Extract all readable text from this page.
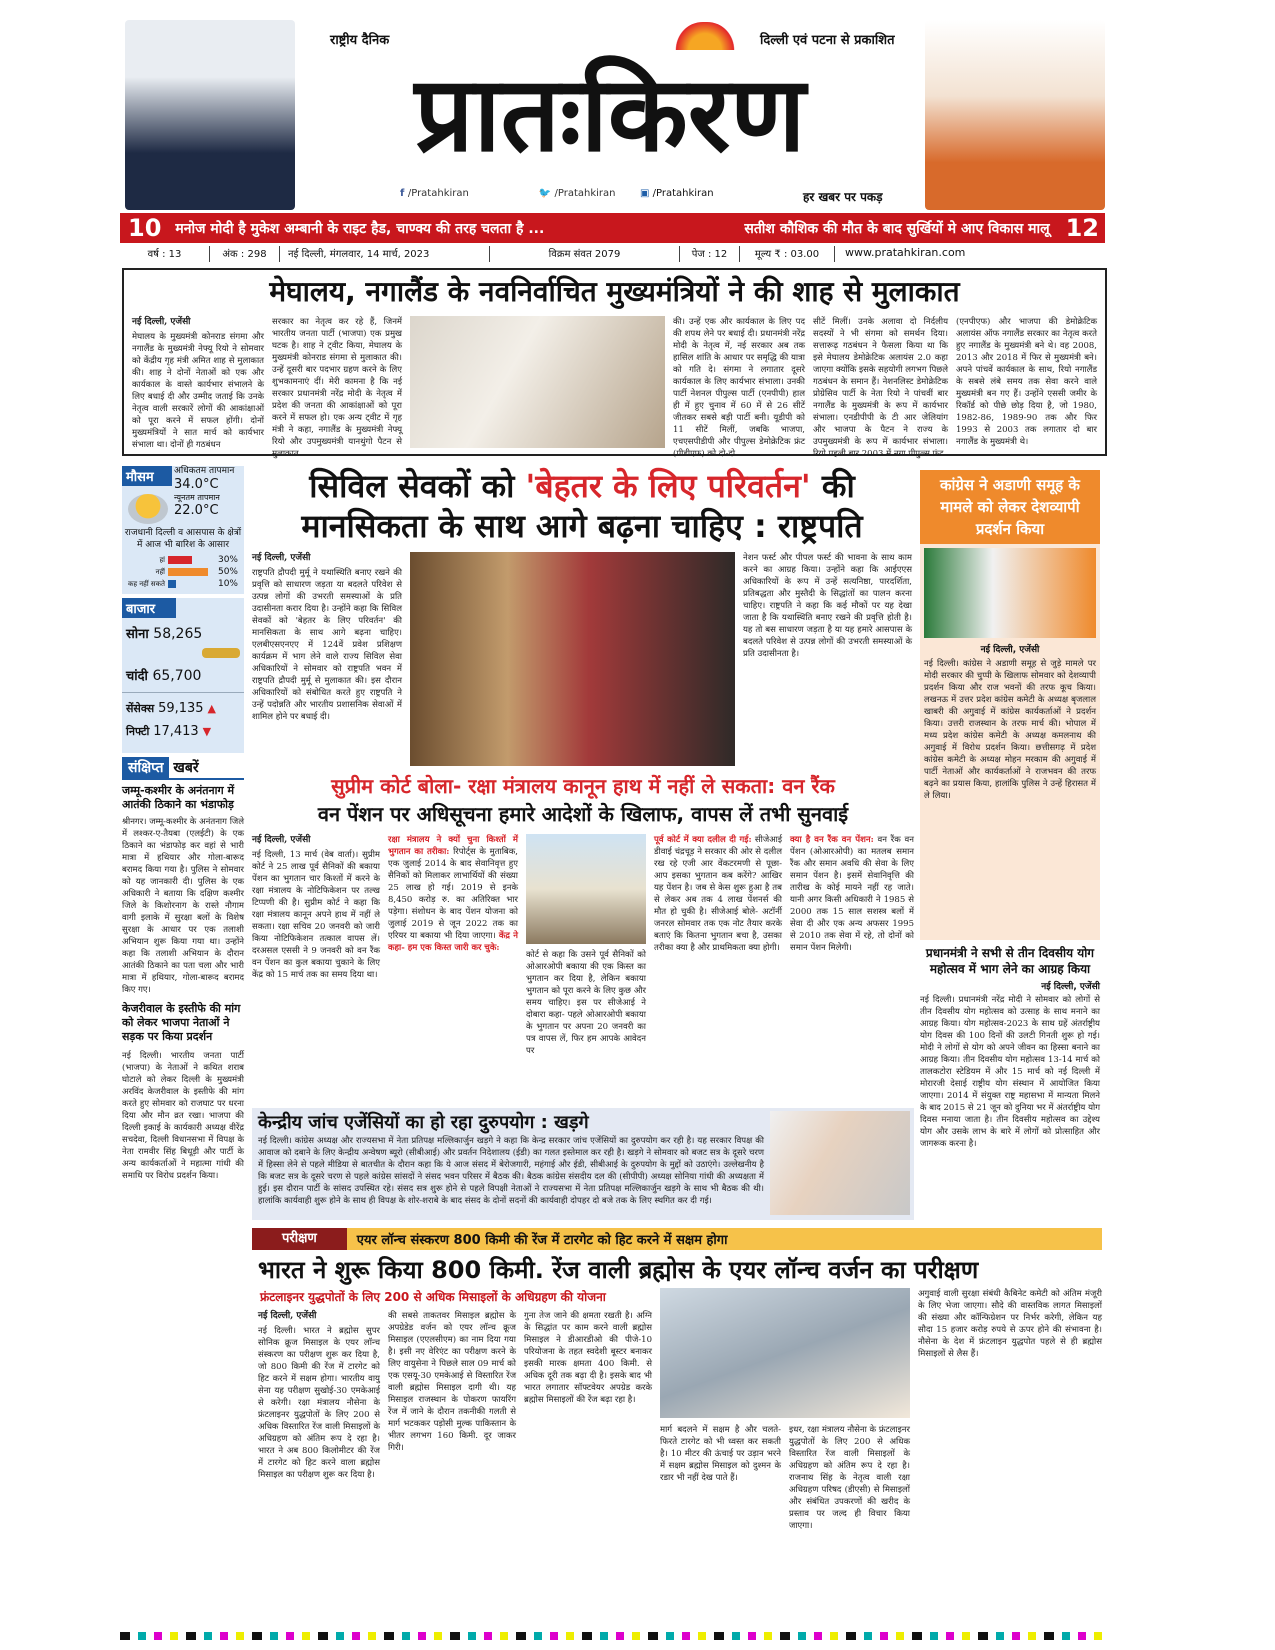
राष्ट्रीय दैनिक	दिल्ली एवं पटना से प्रकाशित
प्रातःकिरण
f /Pratahkiran	🐦 /Pratahkiran ▣ /Pratahkiran	हर खबर पर पकड़
10 मनोज मोदी है मुकेश अम्बानी के राइट हैड, चाण्क्य की तरह चलता है ...	सतीश कौशिक की मौत के बाद सुर्खियों मे आए विकास मालू 12
वर्ष : 13	अंक : 298	नई दिल्ली, मंगलवार, 14 मार्च, 2023	विक्रम संवत 2079	पेज : 12	मूल्य ₹ : 03.00	www.pratahkiran.com
मेघालय, नगालैंड के नवनिर्वाचित मुख्यमंत्रियों ने की शाह से मुलाकात
नई दिल्ली, एजेंसी
मेघालय के मुख्यमंत्री कोनराड संगमा और नगालैंड के मुख्यमंत्री नेफ्यू रियो ने सोमवार को केंद्रीय गृह मंत्री अमित शाह से मुलाकात की। शाह ने दोनों नेताओं को एक और कार्यकाल के वास्ते कार्यभार संभालने के लिए बधाई दी और उम्मीद जताई कि उनके नेतृत्व वाली सरकारें लोगों की आकांक्षाओं को पूरा करने में सफल होंगी। दोनों मुख्यमंत्रियों ने सात मार्च को कार्यभार संभाला था। दोनों ही गठबंधन
सरकार का नेतृत्व कर रहे हैं, जिनमें भारतीय जनता पार्टी (भाजपा) एक प्रमुख घटक है। शाह ने ट्वीट किया, मेघालय के मुख्यमंत्री कोनराड संगमा से मुलाकात की। उन्हें दूसरी बार पदभार ग्रहण करने के लिए शुभकामनाएं दीं। मेरी कामना है कि नई सरकार प्रधानमंत्री नरेंद्र मोदी के नेतृत्व में प्रदेश की जनता की आकांक्षाओं को पूरा करने में सफल हो। एक अन्य ट्वीट में गृह मंत्री ने कहा, नगालैंड के मुख्यमंत्री नेफ्यू रियो और उपमुख्यमंत्री यानथुंगो पैटन से मुलाकात
की। उन्हें एक और कार्यकाल के लिए पद की शपथ लेने पर बधाई दी। प्रधानमंत्री नरेंद्र मोदी के नेतृत्व में, नई सरकार अब तक हासिल शांति के आधार पर समृद्धि की यात्रा को गति दे। संगमा ने लगातार दूसरे कार्यकाल के लिए कार्यभार संभाला। उनकी पार्टी नेशनल पीपुल्स पार्टी (एनपीपी) हाल ही में हुए चुनाव में 60 में से 26 सीटें जीतकर सबसे बड़ी पार्टी बनी। यूडीपी को 11 सीटें मिलीं, जबकि भाजपा, एचएसपीडीपी और पीपुल्स डेमोक्रेटिक फ्रंट (पीडीएफ) को दो-दो
सीटें मिलीं। उनके अलावा दो निर्दलीय सदस्यों ने भी संगमा को समर्थन दिया। सत्तारूढ़ गठबंधन ने फैसला किया था कि इसे मेघालय डेमोक्रेटिक अलायंस 2.0 कहा जाएगा क्योंकि इसके सहयोगी लगभग पिछले गठबंधन के समान हैं। नेशनलिस्ट डेमोक्रेटिक प्रोग्रेसिव पार्टी के नेता रियो ने पांचवीं बार नगालैंड के मुख्यमंत्री के रूप में कार्यभार संभाला। एनडीपीपी के टी आर जेलियांग और भाजपा के पैटन ने राज्य के उपमुख्यमंत्री के रूप में कार्यभार संभाला। रियो पहली बार 2003 में नगा पीपुल्स फ्रंट
(एनपीएफ) और भाजपा की डेमोक्रेटिक अलायंस ऑफ नगालैंड सरकार का नेतृत्व करते हुए नगालैंड के मुख्यमंत्री बने थे। वह 2008, 2013 और 2018 में फिर से मुख्यमंत्री बने। अपने पांचवें कार्यकाल के साथ, रियो नगालैंड के सबसे लंबे समय तक सेवा करने वाले मुख्यमंत्री बन गए हैं। उन्होंने एससी जमीर के रिकॉर्ड को पीछे छोड़ दिया है, जो 1980, 1982-86, 1989-90 तक और फिर 1993 से 2003 तक लगातार दो बार नगालैंड के मुख्यमंत्री थे।
मौसम	अधिकतम तापमान
34.0°C
न्यूनतम तापमान
22.0°C
राजधानी दिल्ली व आसपास के क्षेत्रों में आज भी बारिश के आसार
हां	30%
नहीं	50%
कह नहीं सकते	10%
बाजार
सोना 58,265
चांदी 65,700
सेंसेक्स 59,135 ▲
निफ्टी 17,413 ▼
संक्षिप्त खबरें
जम्मू-कश्मीर के अनंतनाग में आतंकी ठिकाने का भंडाफोड़
श्रीनगर। जम्मू-कश्मीर के अनंतनाग जिले में लश्कर-ए-तैयबा (एलईटी) के एक ठिकाने का भंडाफोड़ कर वहां से भारी मात्रा में हथियार और गोला-बारूद बरामद किया गया है। पुलिस ने सोमवार को यह जानकारी दी। पुलिस के एक अधिकारी ने बताया कि दक्षिण कश्मीर जिले के किशोरनाग के रास्ते नौगाम वागी इलाके में सुरक्षा बलों के विशेष सुरक्षा के आधार पर एक तलाशी अभियान शुरू किया गया था। उन्होंने कहा कि तलाशी अभियान के दौरान आतंकी ठिकाने का पता चला और भारी मात्रा में हथियार, गोला-बारूद बरामद किए गए।
केजरीवाल के इस्तीफे की मांग को लेकर भाजपा नेताओं ने सड़क पर किया प्रदर्शन
नई दिल्ली। भारतीय जनता पार्टी (भाजपा) के नेताओं ने कथित शराब घोटाले को लेकर दिल्ली के मुख्यमंत्री अरविंद केजरीवाल के इस्तीफे की मांग करते हुए सोमवार को राजघाट पर धरना दिया और मौन व्रत रखा। भाजपा की दिल्ली इकाई के कार्यकारी अध्यक्ष वीरेंद्र सचदेवा, दिल्ली विधानसभा में विपक्ष के नेता रामवीर सिंह बिधूड़ी और पार्टी के अन्य कार्यकर्ताओं ने महात्मा गांधी की समाधि पर विरोध प्रदर्शन किया।
सिविल सेवकों को 'बेहतर के लिए परिवर्तन' की मानसिकता के साथ आगे बढ़ना चाहिए : राष्ट्रपति
नई दिल्ली, एजेंसी
राष्ट्रपति द्रौपदी मुर्मू ने यथास्थिति बनाए रखने की प्रवृत्ति को साधारण जड़ता या बदलते परिवेश से उत्पन्न लोगों की उभरती समस्याओं के प्रति उदासीनता करार दिया है। उन्होंने कहा कि सिविल सेवकों को 'बेहतर के लिए परिवर्तन' की मानसिकता के साथ आगे बढ़ना चाहिए। एलबीएसएनएए में 124वें प्रवेश प्रशिक्षण कार्यक्रम में भाग लेने वाले राज्य सिविल सेवा अधिकारियों ने सोमवार को राष्ट्रपति भवन में राष्ट्रपति द्रौपदी मुर्मू से मुलाकात की। इस दौरान अधिकारियों को संबोधित करते हुए राष्ट्रपति ने उन्हें पदोन्नति और भारतीय प्रशासनिक सेवाओं में शामिल होने पर बधाई दी।
नेशन फर्स्ट और पीपल फर्स्ट की भावना के साथ काम करने का आग्रह किया। उन्होंने कहा कि आईएएस अधिकारियों के रूप में उन्हें सत्यनिष्ठा, पारदर्शिता, प्रतिबद्धता और मुस्तैदी के सिद्धांतों का पालन करना चाहिए। राष्ट्रपति ने कहा कि कई मौकों पर यह देखा जाता है कि यथास्थिति बनाए रखने की प्रवृत्ति होती है। यह तो बस साधारण जड़ता है या यह हमारे आसपास के बदलते परिवेश से उत्पन्न लोगों की उभरती समस्याओं के प्रति उदासीनता है।
कांग्रेस ने अडाणी समूह के मामले को लेकर देशव्यापी प्रदर्शन किया
नई दिल्ली, एजेंसी
नई दिल्ली। कांग्रेस ने अडाणी समूह से जुड़े मामले पर मोदी सरकार की चुप्पी के खिलाफ सोमवार को देशव्यापी प्रदर्शन किया और राज भवनों की तरफ कूच किया। लखनऊ में उत्तर प्रदेश कांग्रेस कमेटी के अध्यक्ष बृजलाल खाबरी की अगुवाई में कांग्रेस कार्यकर्ताओं ने प्रदर्शन किया। उत्तरी राजस्थान के तरफ मार्च की। भोपाल में मध्य प्रदेश कांग्रेस कमेटी के अध्यक्ष कमलनाथ की अगुवाई में विरोध प्रदर्शन किया। छत्तीसगढ़ में प्रदेश कांग्रेस कमेटी के अध्यक्ष मोहन मरकाम की अगुवाई में पार्टी नेताओं और कार्यकर्ताओं ने राजभवन की तरफ बढ़ने का प्रयास किया, हालांकि पुलिस ने उन्हें हिरासत में ले लिया।
प्रधानमंत्री ने सभी से तीन दिवसीय योग महोत्सव में भाग लेने का आग्रह किया
नई दिल्ली, एजेंसी
नई दिल्ली। प्रधानमंत्री नरेंद्र मोदी ने सोमवार को लोगों से तीन दिवसीय योग महोत्सव को उत्साह के साथ मनाने का आग्रह किया। योग महोत्सव-2023 के साथ ग्रहें अंतर्राष्ट्रीय योग दिवस की 100 दिनों की उलटी गिनती शुरू हो गई। मोदी ने लोगों से योग को अपने जीवन का हिस्सा बनाने का आग्रह किया। तीन दिवसीय योग महोत्सव 13-14 मार्च को तालकटोरा स्टेडियम में और 15 मार्च को नई दिल्ली में मोरारजी देसाई राष्ट्रीय योग संस्थान में आयोजित किया जाएगा। 2014 में संयुक्त राष्ट्र महासभा में मान्यता मिलने के बाद 2015 से 21 जून को दुनिया भर में अंतर्राष्ट्रीय योग दिवस मनाया जाता है। तीन दिवसीय महोत्सव का उद्देश्य योग और उसके लाभ के बारे में लोगों को प्रोत्साहित और जागरूक करना है।
सुप्रीम कोर्ट बोला- रक्षा मंत्रालय कानून हाथ में नहीं ले सकता: वन रैंक
वन पेंशन पर अधिसूचना हमारे आदेशों के खिलाफ, वापस लें तभी सुनवाई
नई दिल्ली, एजेंसी
नई दिल्ली, 13 मार्च (वेब वार्ता)। सुप्रीम कोर्ट ने 25 लाख पूर्व सैनिकों की बकाया पेंशन का भुगतान चार किश्तों में करने के रक्षा मंत्रालय के नोटिफिकेशन पर तल्ख टिप्पणी की है। सुप्रीम कोर्ट ने कहा कि रक्षा मंत्रालय कानून अपने हाथ में नहीं ले सकता। रक्षा सचिव 20 जनवरी को जारी किया नोटिफिकेशन तत्काल वापस लें। दरअसल एससी ने 9 जनवरी को वन रैंक वन पेंशन का कुल बकाया चुकाने के लिए केंद्र को 15 मार्च तक का समय दिया था।
रक्षा मंत्रालय ने क्यों चुना किश्तों में भुगतान का तरीका: रिपोर्ट्स के मुताबिक, एक जुलाई 2014 के बाद सेवानिवृत्त हुए सैनिकों को मिलाकर लाभार्थियों की संख्या 25 लाख हो गई। 2019 से इनके 8,450 करोड़ रु. का अतिरिक्त भार पड़ेगा। संशोधन के बाद पेंशन योजना को जुलाई 2019 से जून 2022 तक का एरियर या बकाया भी दिया जाएगा। केंद्र ने कहा- हम एक किस्त जारी कर चुके:
कोर्ट से कहा कि उसने पूर्व सैनिकों को ओआरओपी बकाया की एक किस्त का भुगतान कर दिया है, लेकिन बकाया भुगतान को पूरा करने के लिए कुछ और समय चाहिए। इस पर सीजेआई ने दोबारा कहा- पहले ओआरओपी बकाया के भुगतान पर अपना 20 जनवरी का पत्र वापस लें, फिर हम आपके आवेदन पर
पूर्व कोर्ट में क्या दलील दी गई: सीजेआई डीवाई चंद्रचूड़ ने सरकार की ओर से दलील रख रहे एजी आर वेंकटरमणी से पूछा- आप इसका भुगतान कब करेंगे? आखिर यह पेंशन है। जब से केस शुरू हुआ है तब से लेकर अब तक 4 लाख पेंशनर्स की मौत हो चुकी है। सीजेआई बोले- अटॉर्नी जनरल सोमवार तक एक नोट तैयार करके बताएं कि कितना भुगतान बचा है, उसका तरीका क्या है और प्राथमिकता क्या होगी।
क्या है वन रैंक वन पेंशन: वन रैंक वन पेंशन (ओआरओपी) का मतलब समान रैंक और समान अवधि की सेवा के लिए समान पेंशन है। इसमें सेवानिवृत्ति की तारीख के कोई मायने नहीं रह जाते। यानी अगर किसी अधिकारी ने 1985 से 2000 तक 15 साल सशस्त्र बलों में सेवा दी और एक अन्य अफसर 1995 से 2010 तक सेवा में रहे, तो दोनों को समान पेंशन मिलेगी।
केन्द्रीय जांच एजेंसियों का हो रहा दुरुपयोग : खड़गे
नई दिल्ली। कांग्रेस अध्यक्ष और राज्यसभा में नेता प्रतिपक्ष मल्लिकार्जुन खड़गे ने कहा कि केन्द्र सरकार जांच एजेंसियों का दुरुपयोग कर रही है। यह सरकार विपक्ष की आवाज को दबाने के लिए केन्द्रीय अन्वेषण ब्यूरो (सीबीआई) और प्रवर्तन निदेशालय (ईडी) का गलत इस्तेमाल कर रही है। खड़गे ने सोमवार को बजट सत्र के दूसरे चरण में हिस्सा लेने से पहले मीडिया से बातचीत के दौरान कहा कि ये आज संसद में बेरोजगारी, महंगाई और ईडी, सीबीआई के दुरुपयोग के मुद्दों को उठाएंगे। उल्लेखनीय है कि बजट सत्र के दूसरे चरण से पहले कांग्रेस सांसदों ने संसद भवन परिसर में बैठक की। बैठक कांग्रेस संसदीय दल की (सीपीपी) अध्यक्ष सोनिया गांधी की अध्यक्षता में हुई। इस दौरान पार्टी के सांसद उपस्थित रहे। संसद सत्र शुरू होने से पहले विपक्षी नेताओं ने राज्यसभा में नेता प्रतिपक्ष मल्लिकार्जुन खड़गे के साथ भी बैठक की थी। हालांकि कार्यवाही शुरू होने के साथ ही विपक्ष के शोर-शराबे के बाद संसद के दोनों सदनों की कार्यवाही दोपहर दो बजे तक के लिए स्थगित कर दी गई।
परीक्षण	एयर लॉन्च संस्करण 800 किमी की रेंज में टारगेट को हिट करने में सक्षम होगा
भारत ने शुरू किया 800 किमी. रेंज वाली ब्रह्मोस के एयर लॉन्च वर्जन का परीक्षण
फ्रंटलाइनर युद्धपोतों के लिए 200 से अधिक मिसाइलों के अधिग्रहण की योजना
नई दिल्ली, एजेंसी
नई दिल्ली। भारत ने ब्रह्मोस सुपर सोनिक क्रूज मिसाइल के एयर लॉन्च संस्करण का परीक्षण शुरू कर दिया है, जो 800 किमी की रेंज में टारगेट को हिट करने में सक्षम होगा। भारतीय वायु सेना यह परीक्षण सुखोई-30 एमकेआई से करेगी। रक्षा मंत्रालय नौसेना के फ्रंटलाइनर युद्धपोतों के लिए 200 से अधिक विस्तारित रेंज वाली मिसाइलों के अधिग्रहण को अंतिम रूप दे रहा है। भारत ने अब 800 किलोमीटर की रेंज में टारगेट को हिट करने वाला ब्रह्मोस मिसाइल का परीक्षण शुरू कर दिया है।
की सबसे ताकतवर मिसाइल ब्रह्मोस के अपग्रेडेड वर्जन को एयर लॉन्च क्रूज मिसाइल (एएलसीएम) का नाम दिया गया है। इसी नए वेरिएंट का परीक्षण करने के लिए वायुसेना ने पिछले साल 09 मार्च को एक एसयू-30 एमकेआई से विस्तारित रेंज वाली ब्रह्मोस मिसाइल दागी थी। यह मिसाइल राजस्थान के पोकरण फायरिंग रेंज में जाने के दौरान तकनीकी गलती से मार्ग भटककर पड़ोसी मुल्क पाकिस्तान के भीतर लगभग 160 किमी. दूर जाकर गिरी।
गुना तेज जाने की क्षमता रखती है। अग्नि के सिद्धांत पर काम करने वाली ब्रह्मोस मिसाइल ने डीआरडीओ की पीजे-10 परियोजना के तहत स्वदेशी बूस्टर बनाकर इसकी मारक क्षमता 400 किमी. से अधिक दूरी तक बढ़ा दी है। इसके बाद भी भारत लगातार सॉफ्टवेयर अपग्रेड करके ब्रह्मोस मिसाइलों की रेंज बढ़ा रहा है।
मार्ग बदलने में सक्षम है और चलते-फिरते टारगेट को भी ध्वस्त कर सकती है। 10 मीटर की ऊंचाई पर उड़ान भरने में सक्षम ब्रह्मोस मिसाइल को दुश्मन के रडार भी नहीं देख पाते हैं।
इधर, रक्षा मंत्रालय नौसेना के फ्रंटलाइनर युद्धपोतों के लिए 200 से अधिक विस्तारित रेंज वाली मिसाइलों के अधिग्रहण को अंतिम रूप दे रहा है। राजनाथ सिंह के नेतृत्व वाली रक्षा अधिग्रहण परिषद (डीएसी) से मिसाइलों और संबंधित उपकरणों की खरीद के प्रस्ताव पर जल्द ही विचार किया जाएगा।
अगुवाई वाली सुरक्षा संबंधी कैबिनेट कमेटी को अंतिम मंजूरी के लिए भेजा जाएगा। सौदे की वास्तविक लागत मिसाइलों की संख्या और कॉन्फिग्रेशन पर निर्भर करेगी, लेकिन यह सौदा 15 हजार करोड़ रुपये से ऊपर होने की संभावना है। नौसेना के देश में फ्रंटलाइन युद्धपोत पहले से ही ब्रह्मोस मिसाइलों से लैस हैं।
